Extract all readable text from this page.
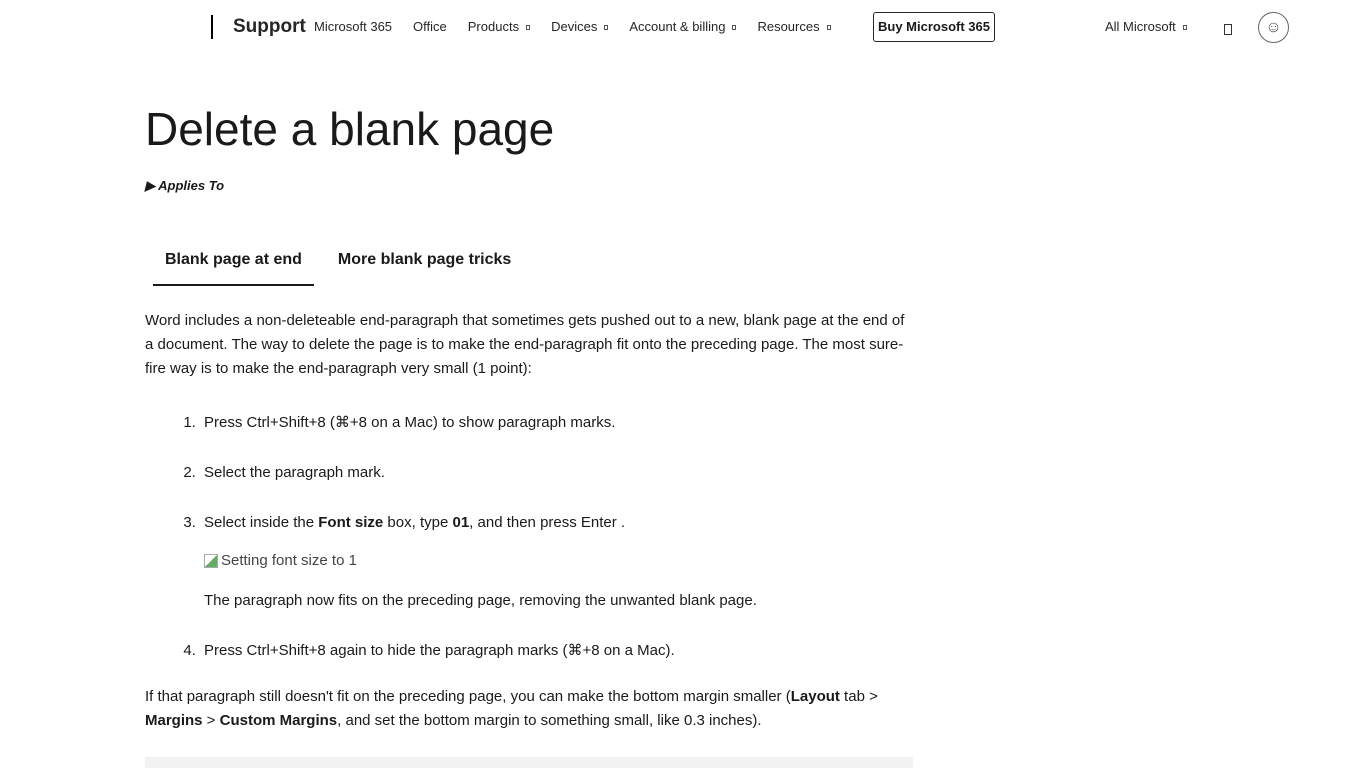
Support Microsoft 365 Office Products	Devices	Account & billing	Resources	Buy Microsoft 365	All Microsoft	☺
Delete a blank page
▶ Applies To
Blank page at end	More blank page tricks

Word includes a non-deleteable end-paragraph that sometimes gets pushed out to a new, blank page at the end of a document. The way to delete the page is to make the end-paragraph fit onto the preceding page. The most sure-fire way is to make the end-paragraph very small (1 point):

1. Press Ctrl+Shift+8 (⌘+8 on a Mac) to show paragraph marks.
2. Select the paragraph mark.
3. Select inside the Font size box, type 01, and then press Enter .
Setting font size to 1
The paragraph now fits on the preceding page, removing the unwanted blank page.
4. Press Ctrl+Shift+8 again to hide the paragraph marks (⌘+8 on a Mac).

If that paragraph still doesn't fit on the preceding page, you can make the bottom margin smaller (Layout tab > Margins > Custom Margins, and set the bottom margin to something small, like 0.3 inches).
